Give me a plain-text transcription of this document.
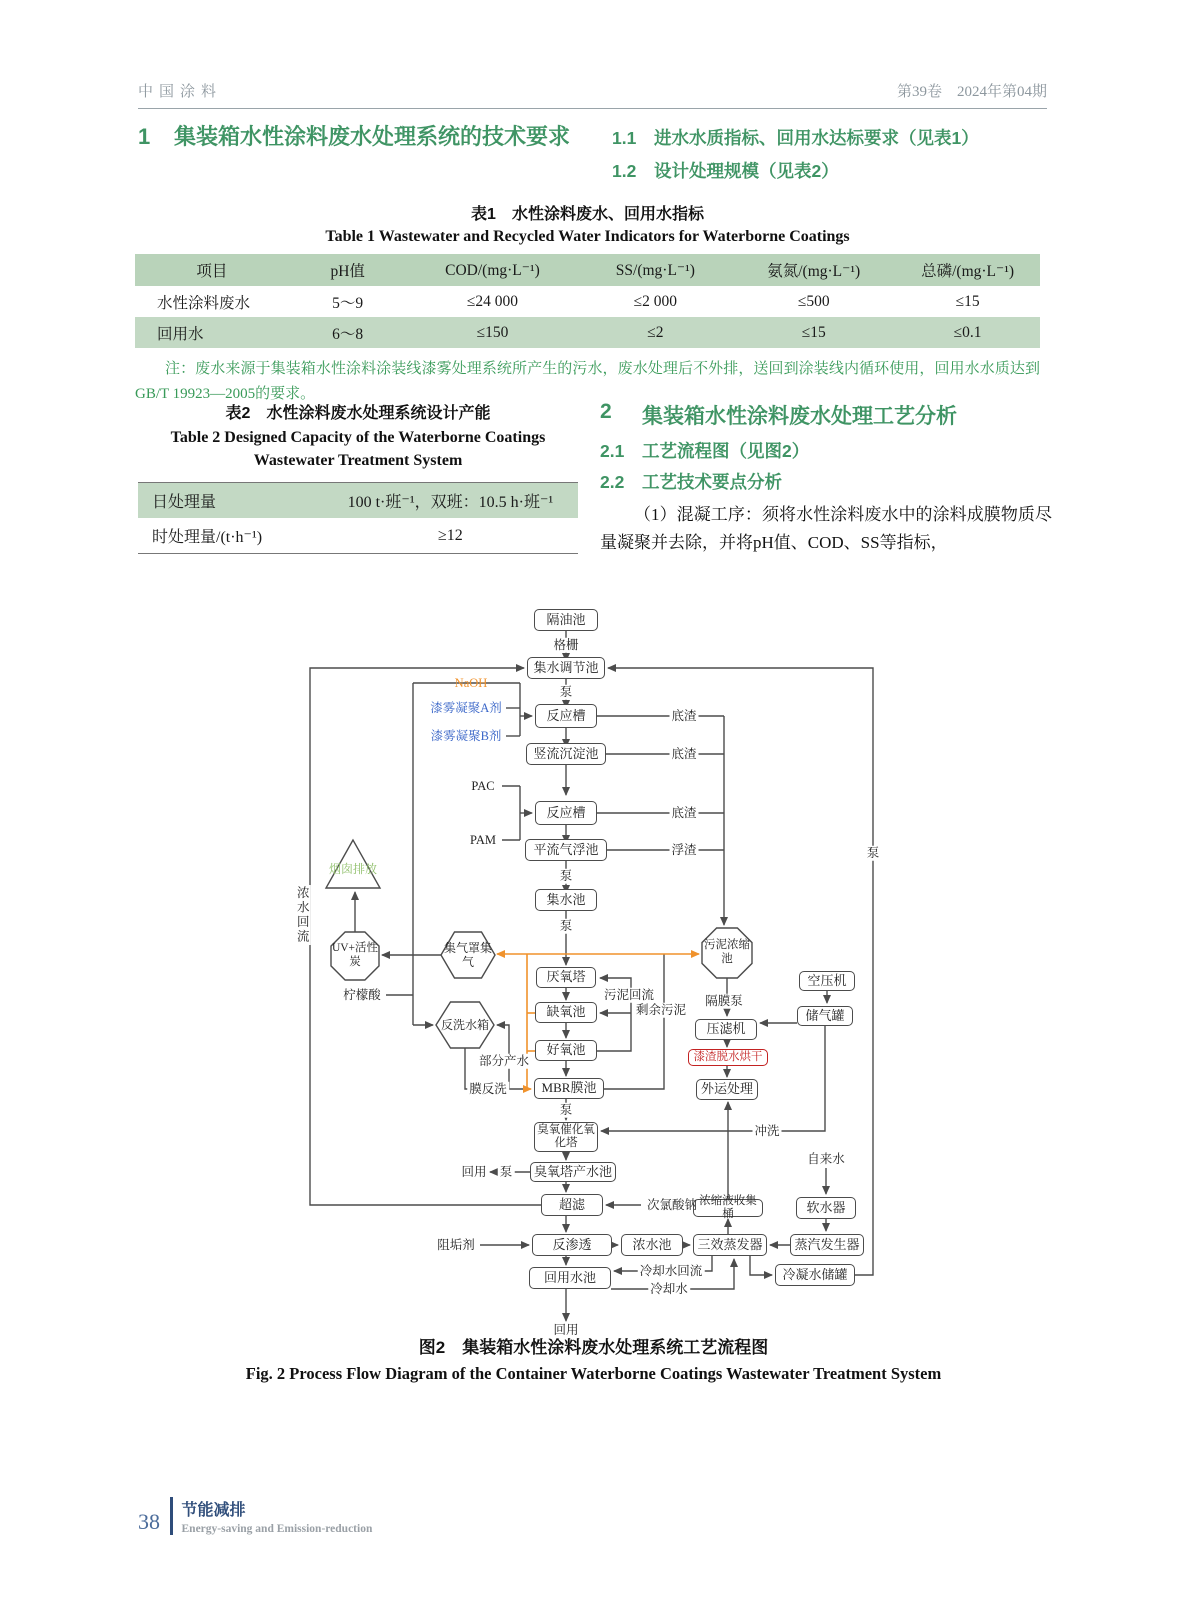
中国涂料	第39卷　2024年第04期
1	集装箱水性涂料废水处理系统的技术要求 1.1	进水水质指标、回用水达标要求（见表1）
1.2	设计处理规模（见表2）
表1　水性涂料废水、回用水指标
Table 1 Wastewater and Recycled Water Indicators for Waterborne Coatings
项目	pH值	COD/(mg·L⁻¹)	SS/(mg·L⁻¹)	氨氮/(mg·L⁻¹)	总磷/(mg·L⁻¹)
水性涂料废水	5～9	≤24 000	≤2 000	≤500	≤15
回用水	6～8	≤150	≤2	≤15	≤0.1
注：废水来源于集装箱水性涂料涂装线漆雾处理系统所产生的污水，废水处理后不外排，送回到涂装线内循环使用，回用水水质达到GB/T 19923—2005的要求。
表2　水性涂料废水处理系统设计产能
Table 2 Designed Capacity of the Waterborne Coatings Wastewater Treatment System
日处理量	100 t·班⁻¹，双班：10.5 h·班⁻¹
时处理量/(t·h⁻¹)	≥12
2	集装箱水性涂料废水处理工艺分析
2.1	工艺流程图（见图2）
2.2	工艺技术要点分析
（1）混凝工序：须将水性涂料废水中的涂料成膜物质尽量凝聚并去除，并将pH值、COD、SS等指标，
隔油池
集水调节池
反应槽
竖流沉淀池
反应槽
平流气浮池
集水池
厌氧塔
缺氧池
好氧池
MBR膜池
臭氧催化氧化塔
臭氧塔产水池
超滤
反渗透
回用水池
浓水池	三效蒸发器	蒸汽发生器
软水器
浓缩液收集桶
压滤机
漆渣脱水烘干
外运处理
空压机
储气罐
冷凝水储罐
污泥浓缩池
UV+活性炭
集气罩集气
反洗水箱
烟囱排放
格栅
泵
泵
泵
泵
泵
泵
NaOH
漆雾凝聚A剂
漆雾凝聚B剂
PAC
PAM
底渣
底渣
底渣
浮渣
污泥回流
剩余污泥
部分产水
膜反洗
柠檬酸
浓水回流
隔膜泵
冲洗
回用
回用
次氯酸钠
阻垢剂
自来水
冷却水回流
冷却水
图2　集装箱水性涂料废水处理系统工艺流程图
Fig. 2 Process Flow Diagram of the Container Waterborne Coatings Wastewater Treatment System
38 节能减排
Energy-saving and Emission-reduction
